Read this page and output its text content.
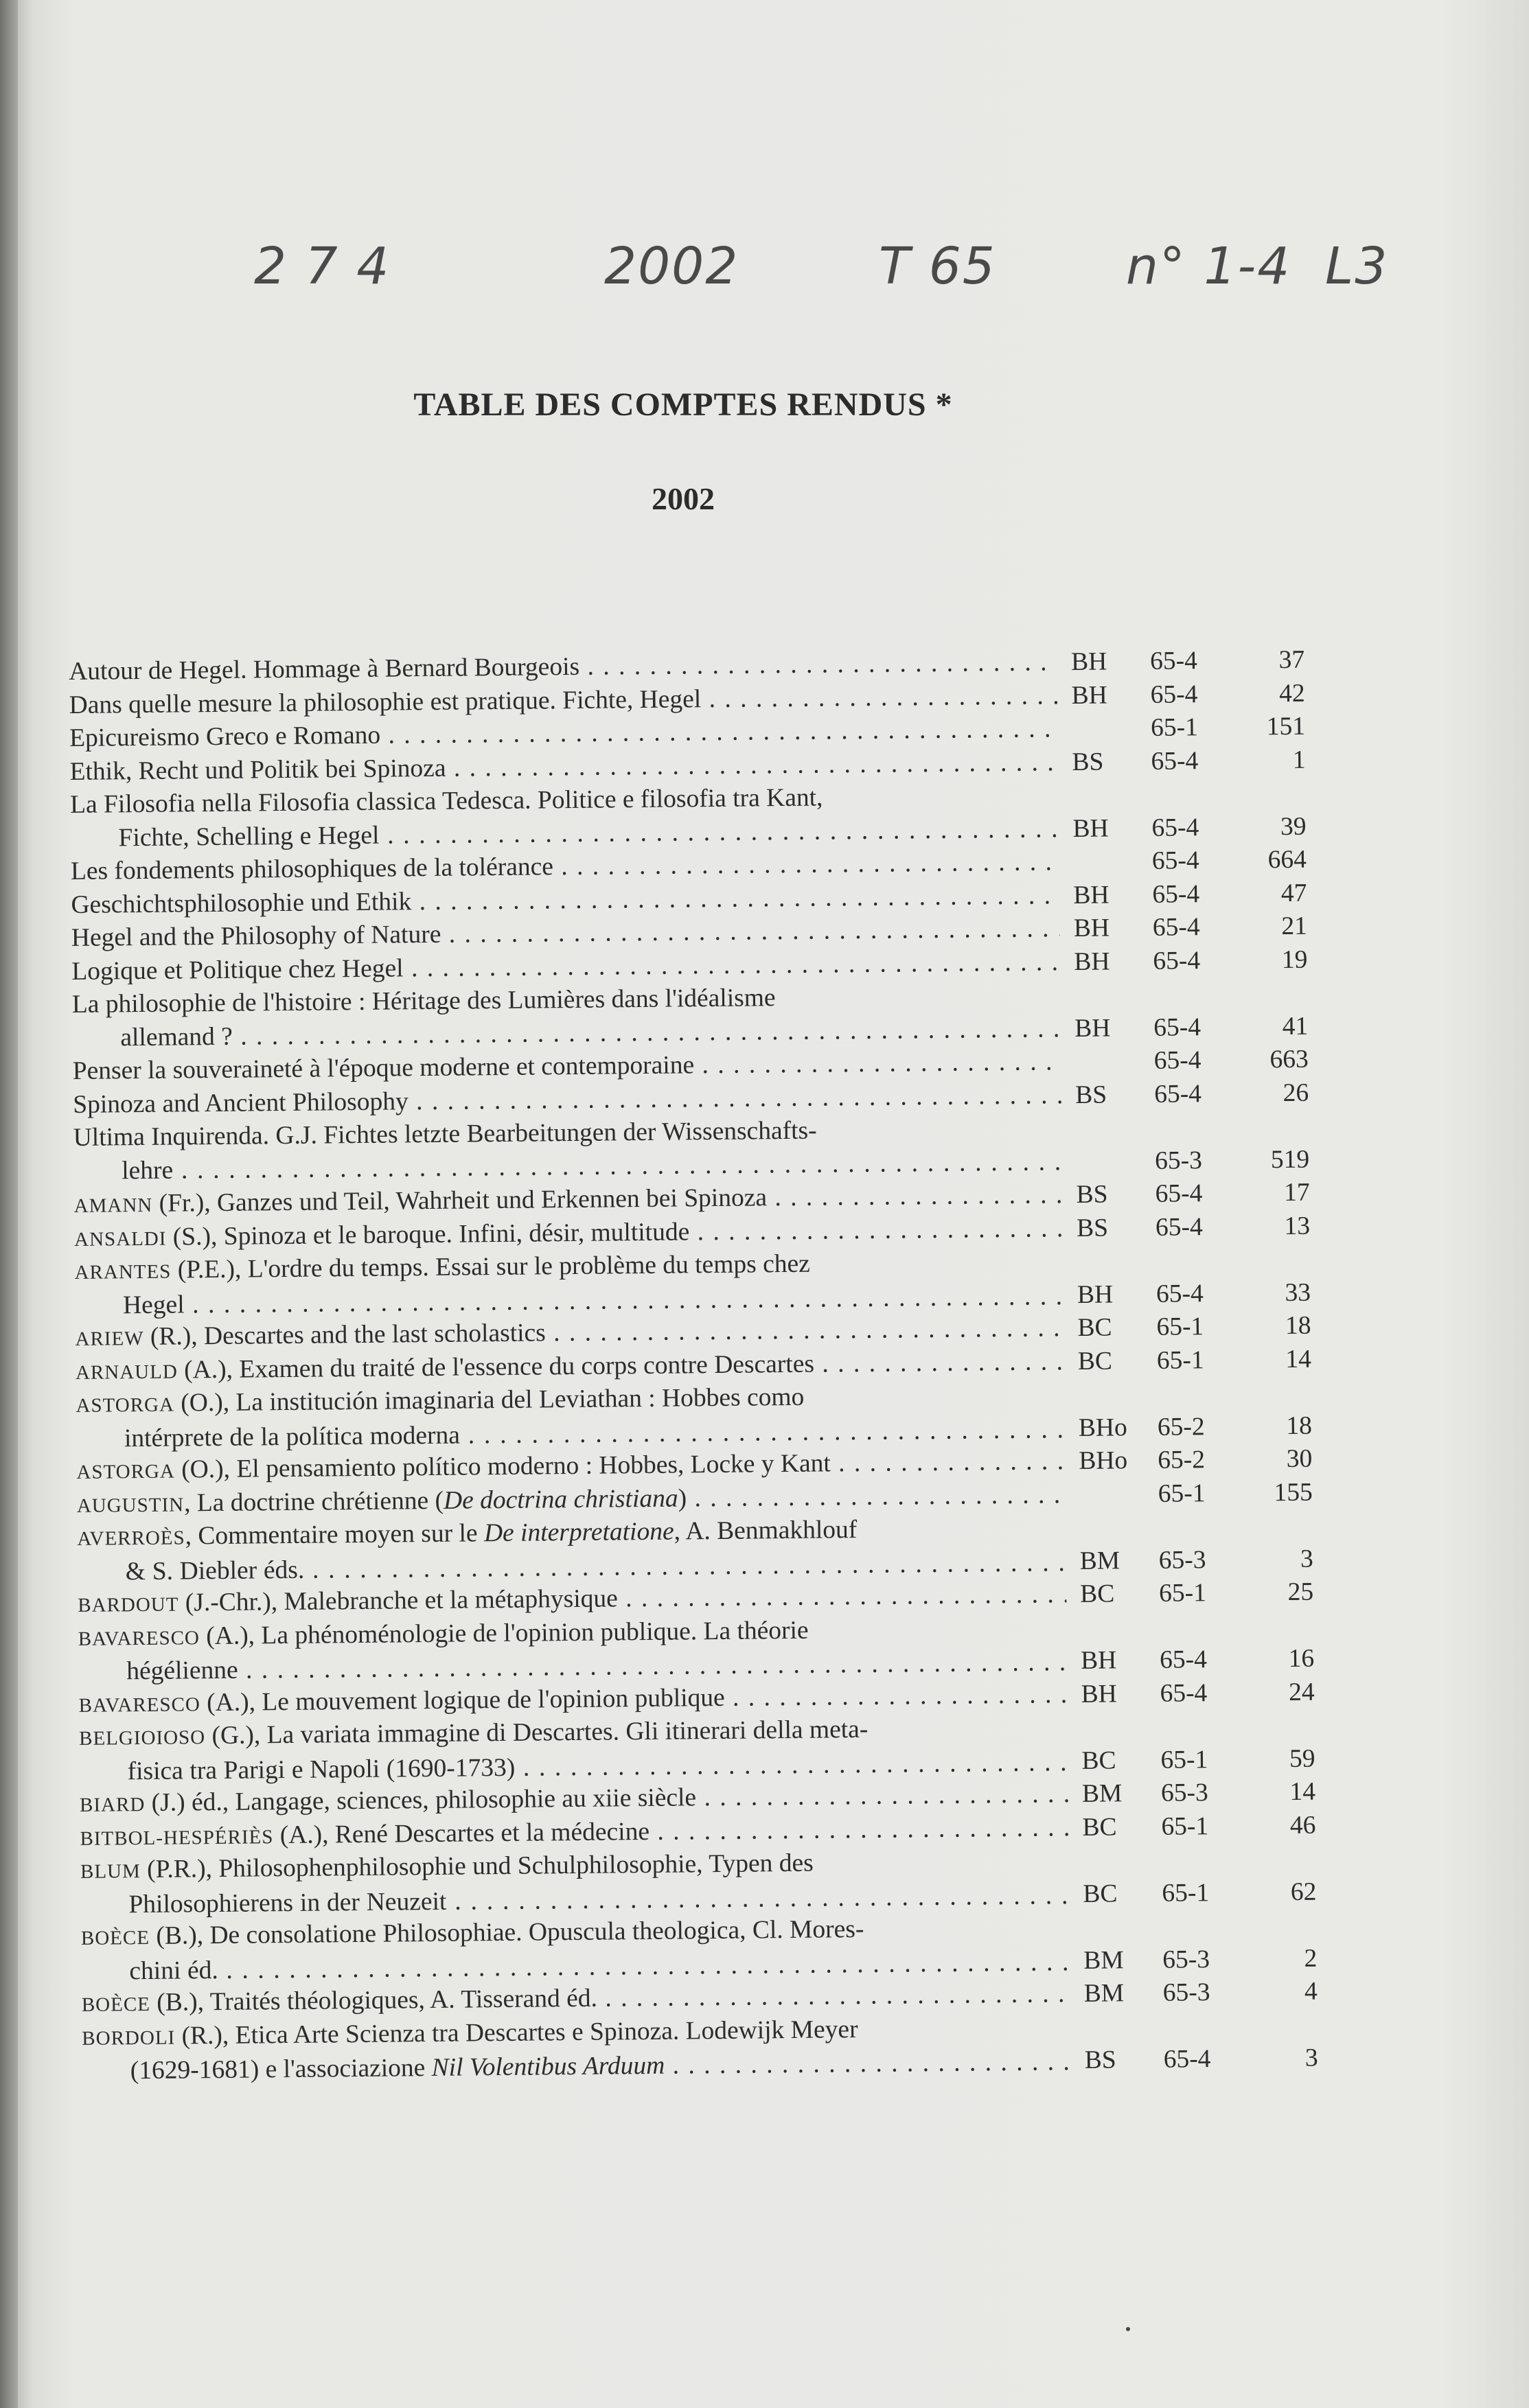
2 7 4	2002	T 65	n° 1-4 L3
TABLE DES COMPTES RENDUS *
2002
Autour de Hegel. Hommage à Bernard Bourgeois . . .	BH	65-4	37
Dans quelle mesure la philosophie est pratique. Fichte, Hegel . . .	BH	65-4	42
Epicureismo Greco e Romano . . .	65-1	151
Ethik, Recht und Politik bei Spinoza . . .	BS	65-4	1
La Filosofia nella Filosofia classica Tedesca. Politice e filosofia tra Kant,
Fichte, Schelling e Hegel . . .	BH	65-4	39
Les fondements philosophiques de la tolérance . . .	65-4	664
Geschichtsphilosophie und Ethik . . .	BH	65-4	47
Hegel and the Philosophy of Nature . . .	BH	65-4	21
Logique et Politique chez Hegel . . .	BH	65-4	19
La philosophie de l'histoire : Héritage des Lumières dans l'idéalisme
allemand ? . . .	BH	65-4	41
Penser la souveraineté à l'époque moderne et contemporaine . . .	65-4	663
Spinoza and Ancient Philosophy . . .	BS	65-4	26
Ultima Inquirenda. G.J. Fichtes letzte Bearbeitungen der Wissenschafts-
lehre . . .	65-3	519
AMANN (Fr.), Ganzes und Teil, Wahrheit und Erkennen bei Spinoza . . .	BS	65-4	17
ANSALDI (S.), Spinoza et le baroque. Infini, désir, multitude . . .	BS	65-4	13
ARANTES (P.E.), L'ordre du temps. Essai sur le problème du temps chez
Hegel . . .	BH	65-4	33
ARIEW (R.), Descartes and the last scholastics . . .	BC	65-1	18
ARNAULD (A.), Examen du traité de l'essence du corps contre Descartes . . .	BC	65-1	14
ASTORGA (O.), La institución imaginaria del Leviathan : Hobbes como
intérprete de la política moderna . . .	BHo	65-2	18
ASTORGA (O.), El pensamiento político moderno : Hobbes, Locke y Kant . . .	BHo	65-2	30
AUGUSTIN, La doctrine chrétienne (De doctrina christiana) . . .	65-1	155
AVERROÈS, Commentaire moyen sur le De interpretatione, A. Benmakhlouf
& S. Diebler éds. . . .	BM	65-3	3
BARDOUT (J.-Chr.), Malebranche et la métaphysique . . .	BC	65-1	25
BAVARESCO (A.), La phénoménologie de l'opinion publique. La théorie
hégélienne . . .	BH	65-4	16
BAVARESCO (A.), Le mouvement logique de l'opinion publique . . .	BH	65-4	24
BELGIOIOSO (G.), La variata immagine di Descartes. Gli itinerari della meta-
fisica tra Parigi e Napoli (1690-1733) . . .	BC	65-1	59
BIARD (J.) éd., Langage, sciences, philosophie au xiie siècle . . .	BM	65-3	14
BITBOL-HESPÉRIÈS (A.), René Descartes et la médecine . . .	BC	65-1	46
BLUM (P.R.), Philosophenphilosophie und Schulphilosophie, Typen des
Philosophierens in der Neuzeit . . .	BC	65-1	62
BOÈCE (B.), De consolatione Philosophiae. Opuscula theologica, Cl. Mores-
chini éd. . . .	BM	65-3	2
BOÈCE (B.), Traités théologiques, A. Tisserand éd. . . .	BM	65-3	4
BORDOLI (R.), Etica Arte Scienza tra Descartes e Spinoza. Lodewijk Meyer
(1629-1681) e l'associazione Nil Volentibus Arduum . . .	BS	65-4	3
